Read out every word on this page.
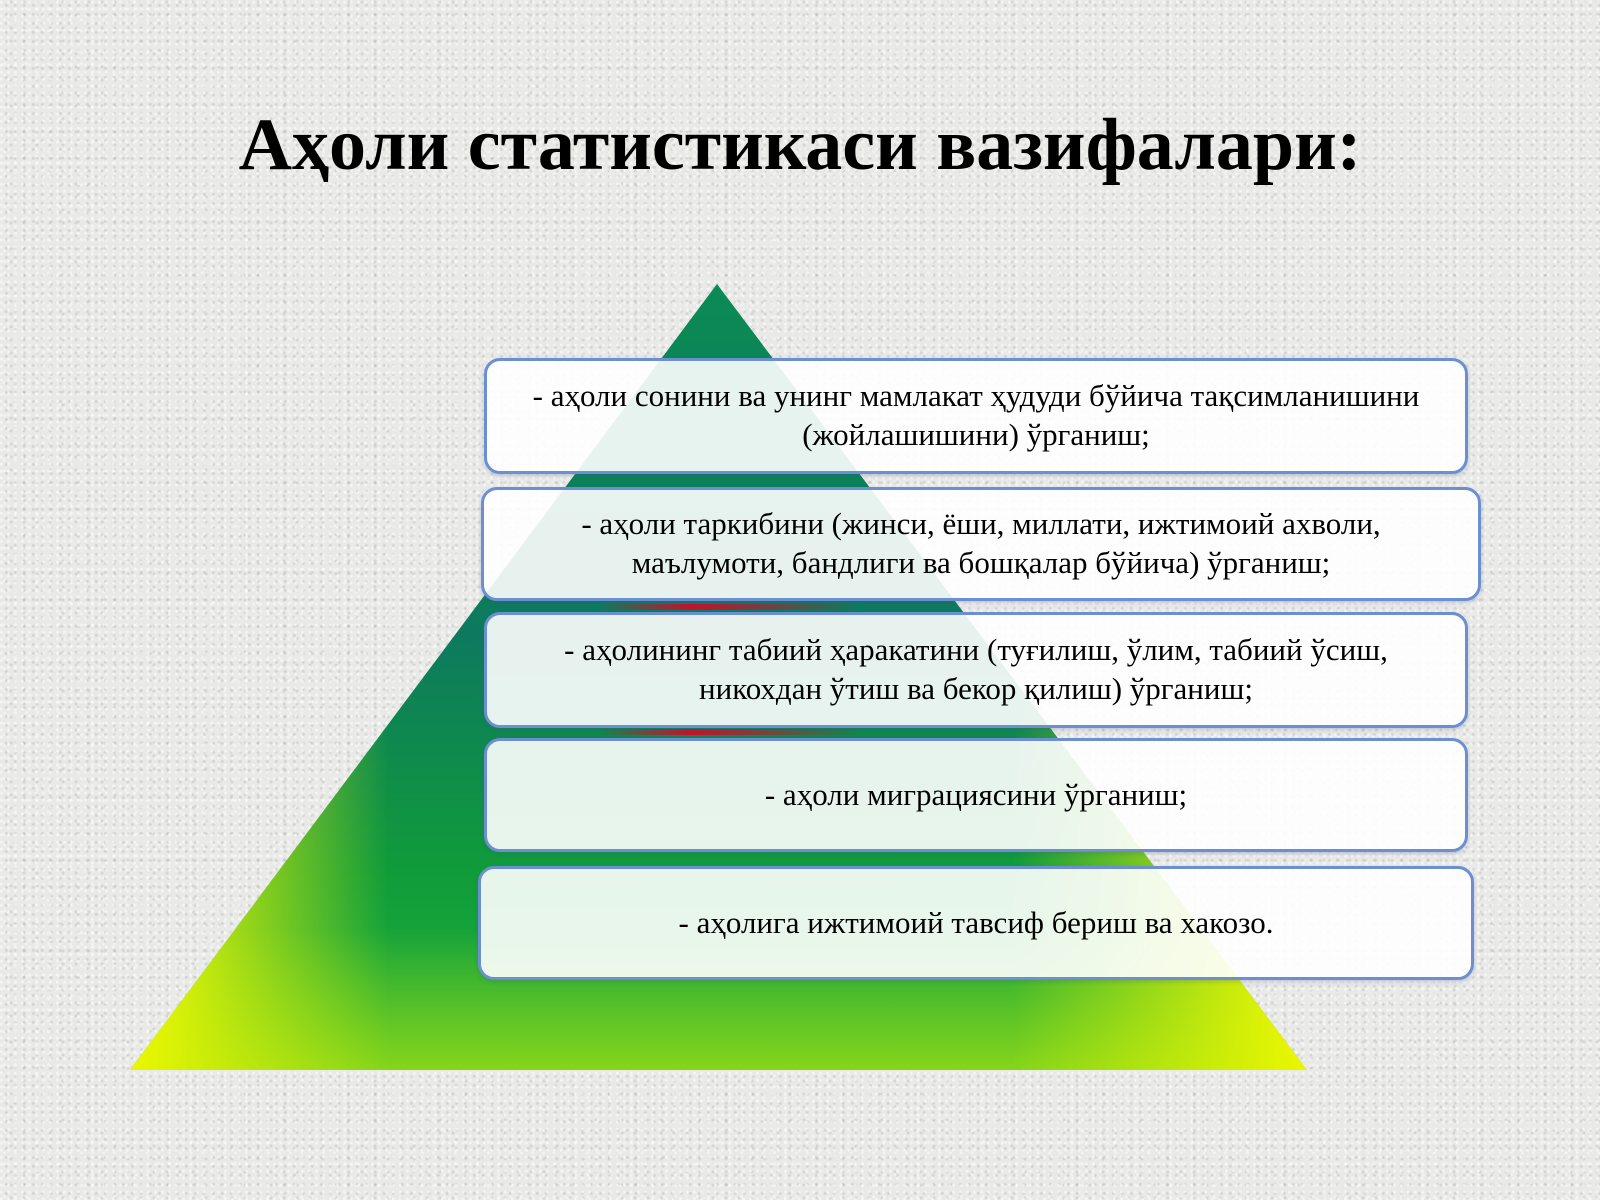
Аҳоли статистикаси вазифалари:
- аҳоли сонини ва унинг мамлакат ҳудуди бўйича тақсимланишини (жойлашишини) ўрганиш;
- аҳоли таркибини (жинси, ёши, миллати, ижтимоий ахволи, маълумоти, бандлиги ва бошқалар бўйича) ўрганиш;
- аҳолининг табиий ҳаракатини (туғилиш, ўлим, табиий ўсиш, никохдан ўтиш ва бекор қилиш) ўрганиш;
- аҳоли миграциясини ўрганиш;
- аҳолига ижтимоий тавсиф бериш ва хакозо.
